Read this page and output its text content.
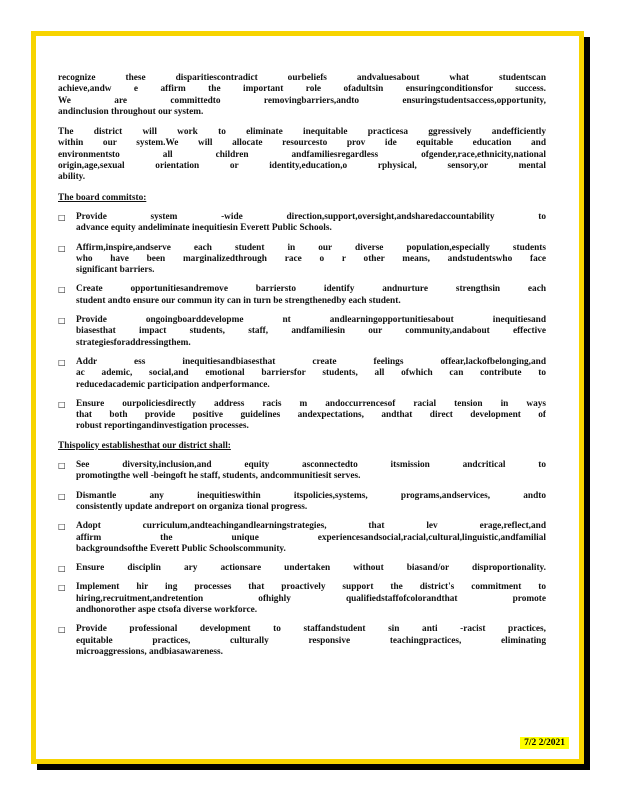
recognize these disparitiescontradict ourbeliefs andvaluesabout what studentscan
achieve,andw e affirm the important role ofadultsin ensuringconditionsfor success.
We are committedto removingbarriers,andto ensuringstudentsaccess,opportunity,
andinclusion throughout our system.
The district will work to eliminate inequitable practicesa ggressively andefficiently
within our system.We will allocate resourcesto prov ide equitable education and
environmentsto all children andfamiliesregardless ofgender,race,ethnicity,national
origin,age,sexual orientation or identity,education,o rphysical, sensory,or mental
ability.
The board commitsto:
□ Provide system -wide direction,support,oversight,andsharedaccountability to
advance equity andeliminate inequitiesin Everett Public Schools.
□ Affirm,inspire,andserve each student in our diverse population,especially students
who have been marginalizedthrough race o r other means, andstudentswho face
significant barriers.
□ Create opportunitiesandremove barriersto identify andnurture strengthsin each
student andto ensure our commun ity can in turn be strengthenedby each student.
□ Provide ongoingboarddevelopme nt andlearningopportunitiesabout inequitiesand
biasesthat impact students, staff, andfamiliesin our community,andabout effective
strategiesforaddressingthem.
□ Addr ess inequitiesandbiasesthat create feelings offear,lackofbelonging,and
ac ademic, social,and emotional barriersfor students, all ofwhich can contribute to
reducedacademic participation andperformance.
□ Ensure ourpoliciesdirectly address racis m andoccurrencesof racial tension in ways
that both provide positive guidelines andexpectations, andthat direct development of
robust reportingandinvestigation processes.
Thispolicy establishesthat our district shall:
□ See diversity,inclusion,and equity asconnectedto itsmission andcritical to
promotingthe well -beingoft he staff, students, andcommunitiesit serves.
□ Dismantle any inequitieswithin itspolicies,systems, programs,andservices, andto
consistently update andreport on organiza tional progress.
□ Adopt curriculum,andteachingandlearningstrategies, that lev erage,reflect,and
affirm the unique experiencesandsocial,racial,cultural,linguistic,andfamilial
backgroundsofthe Everett Public Schoolscommunity.
□ Ensure disciplin ary actionsare undertaken without biasand/or disproportionality.
□ Implement hir ing processes that proactively support the district's commitment to
hiring,recruitment,andretention ofhighly qualifiedstaffofcolorandthat promote
andhonorother aspe ctsofa diverse workforce.
□ Provide professional development to staffandstudent sin anti -racist practices,
equitable practices, culturally responsive teachingpractices, eliminating
microaggressions, andbiasawareness.
7/2 2/2021
